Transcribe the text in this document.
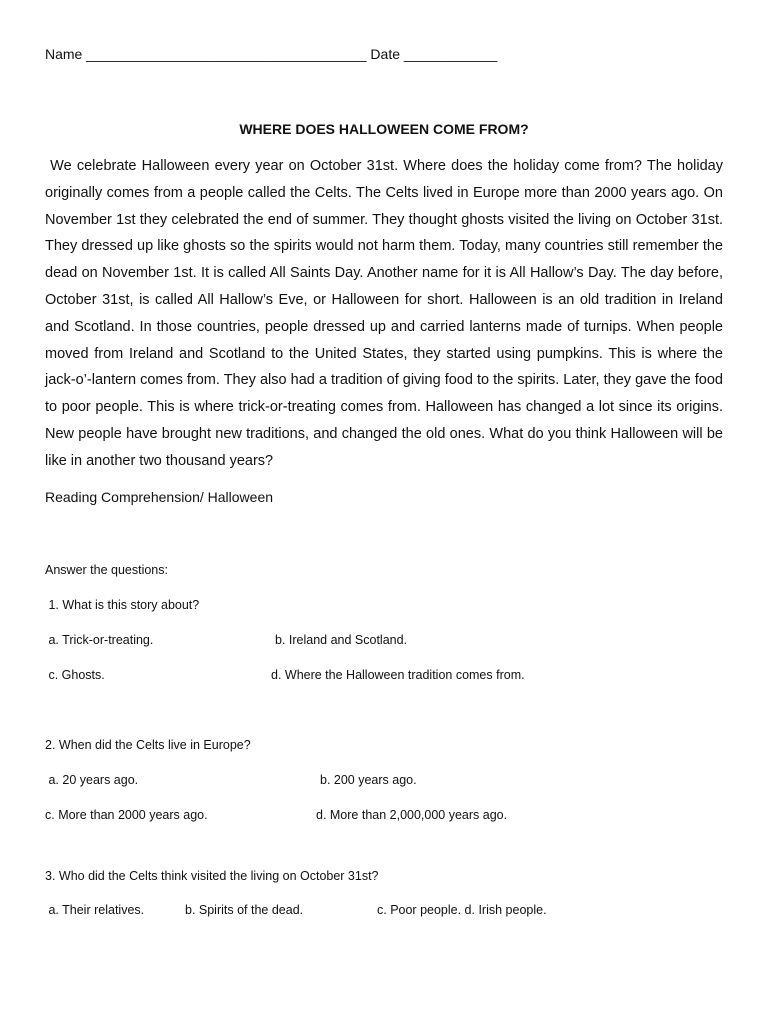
Name ____________________________________ Date ____________
WHERE DOES HALLOWEEN COME FROM?

We celebrate Halloween every year on October 31st. Where does the holiday come from? The holiday originally comes from a people called the Celts. The Celts lived in Europe more than 2000 years ago. On November 1st they celebrated the end of summer. They thought ghosts visited the living on October 31st. They dressed up like ghosts so the spirits would not harm them. Today, many countries still remember the dead on November 1st. It is called All Saints Day. Another name for it is All Hallow’s Day. The day before, October 31st, is called All Hallow’s Eve, or Halloween for short. Halloween is an old tradition in Ireland and Scotland. In those countries, people dressed up and carried lanterns made of turnips. When people moved from Ireland and Scotland to the United States, they started using pumpkins. This is where the jack-o’-lantern comes from. They also had a tradition of giving food to the spirits. Later, they gave the food to poor people. This is where trick-or-treating comes from. Halloween has changed a lot since its origins. New people have brought new traditions, and changed the old ones. What do you think Halloween will be like in another two thousand years?

Reading Comprehension/ Halloween
Answer the questions:
1. What is this story about?
a. Trick-or-treating.	b. Ireland and Scotland.
c. Ghosts.	d. Where the Halloween tradition comes from.
2. When did the Celts live in Europe?
a. 20 years ago.	b. 200 years ago.
c. More than 2000 years ago.	d. More than 2,000,000 years ago.
3. Who did the Celts think visited the living on October 31st?
a. Their relatives.	b. Spirits of the dead.	c. Poor people. d. Irish people.
